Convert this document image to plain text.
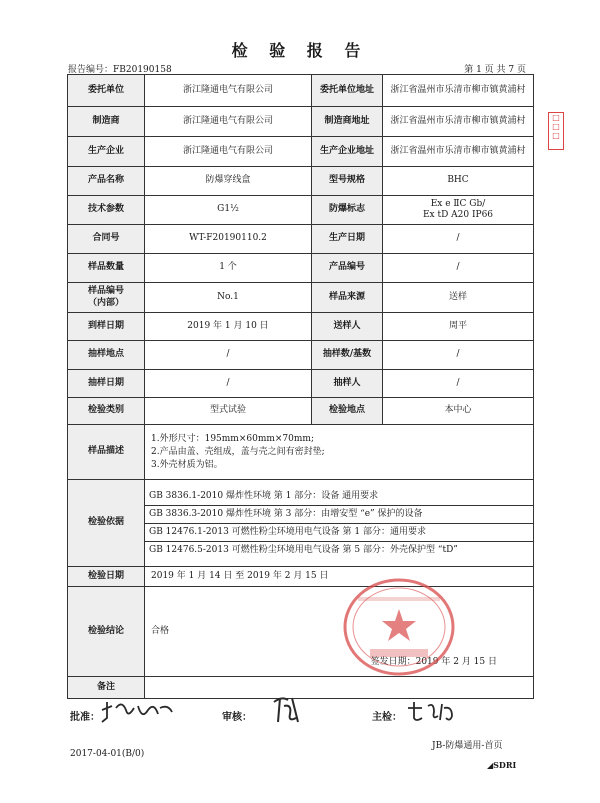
检 验 报 告
报告编号：FB20190158	第 1 页 共 7 页
委托单位	浙江隆通电气有限公司	委托单位地址	浙江省温州市乐清市柳市镇黄浦村
制造商	浙江隆通电气有限公司	制造商地址	浙江省温州市乐清市柳市镇黄浦村
生产企业	浙江隆通电气有限公司	生产企业地址	浙江省温州市乐清市柳市镇黄浦村
产品名称	防爆穿线盒	型号规格	BHC
技术参数	G1½	防爆标志	Ex e ⅡC Gb/
Ex tD A20 IP66

合同号	WT-F20190110.2	生产日期	/
样品数量	1 个	产品编号	/

样品编号
（内部）	No.1	样品来源	送样
到样日期	2019 年 1 月 10 日	送样人	周平
抽样地点	/	抽样数/基数	/
抽样日期	/	抽样人	/
检验类别	型式试验	检验地点	本中心
样品描述	1.外形尺寸：195mm×60mm×70mm;
2.产品由盖、壳组成，盖与壳之间有密封垫;
3.外壳材质为铝。		

检验依据	GB 3836.1-2010 爆炸性环境 第 1 部分：设备 通用要求
GB 3836.3-2010 爆炸性环境 第 3 部分：由增安型 “e” 保护的设备
GB 12476.1-2013 可燃性粉尘环境用电气设备 第 1 部分：通用要求
GB 12476.5-2013 可燃性粉尘环境用电气设备 第 5 部分：外壳保护型 “tD”		

检验日期	2019 年 1 月 14 日 至 2019 年 2 月 15 日		
检验结论	合格
签发日期：2019 年 2 月 15 日		

备注			
□
□
□
批准：	审核：	主检：
JB-防爆通用-首页
2017-04-01(B/0)
◢SDRI
